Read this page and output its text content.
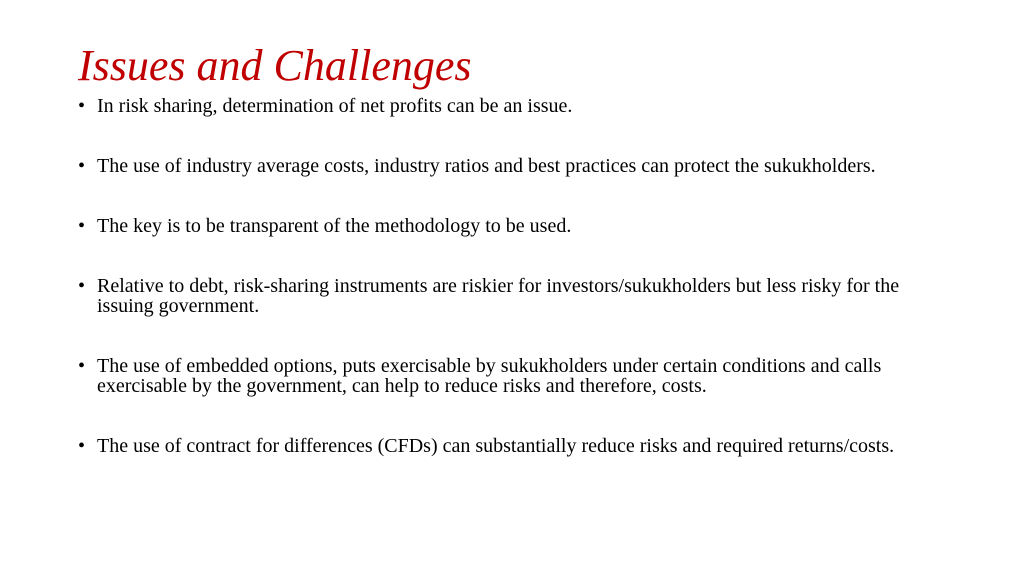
Issues and Challenges
• In risk sharing, determination of net profits can be an issue.
• The use of industry average costs, industry ratios and best practices can protect the sukukholders.
• The key is to be transparent of the methodology to be used.
• Relative to debt, risk-sharing instruments are riskier for investors/sukukholders but less risky for the issuing government.
• The use of embedded options, puts exercisable by sukukholders under certain conditions and calls exercisable by the government, can help to reduce risks and therefore, costs.
• The use of contract for differences (CFDs) can substantially reduce risks and required returns/costs.
